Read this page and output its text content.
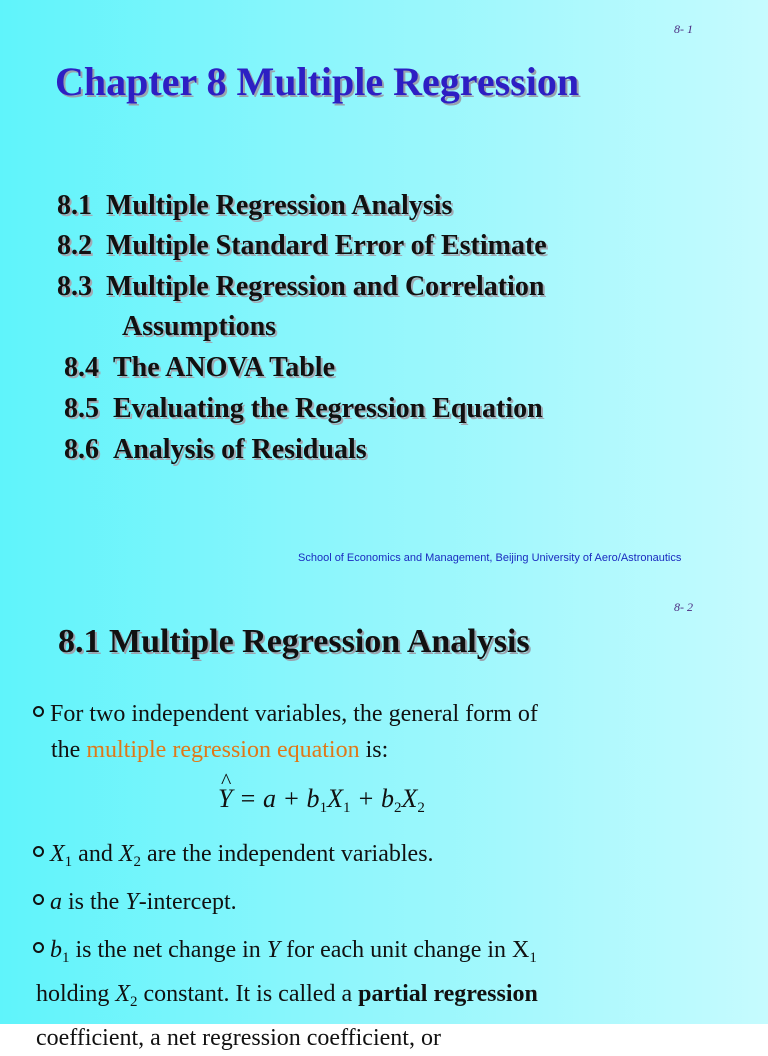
8- 1
Chapter 8 Multiple Regression
8.1 Multiple Regression Analysis
8.2 Multiple Standard Error of Estimate
8.3 Multiple Regression and Correlation
Assumptions
8.4 The ANOVA Table
8.5 Evaluating the Regression Equation
8.6 Analysis of Residuals
School of Economics and Management, Beijing University of Aero/Astronautics
8- 2
8.1 Multiple Regression Analysis

For two independent variables, the general form of
the multiple regression equation is:

^ $Y = a + b_1X_1 + b_2X_2$

$X_1$ and $X_2$ are the independent variables.

a is the Y-intercept.

$b_1$ is the net change in Y for each unit change in $X_1$
holding $X_2$ constant. It is called a partial regression
coefficient, a net regression coefficient, or
